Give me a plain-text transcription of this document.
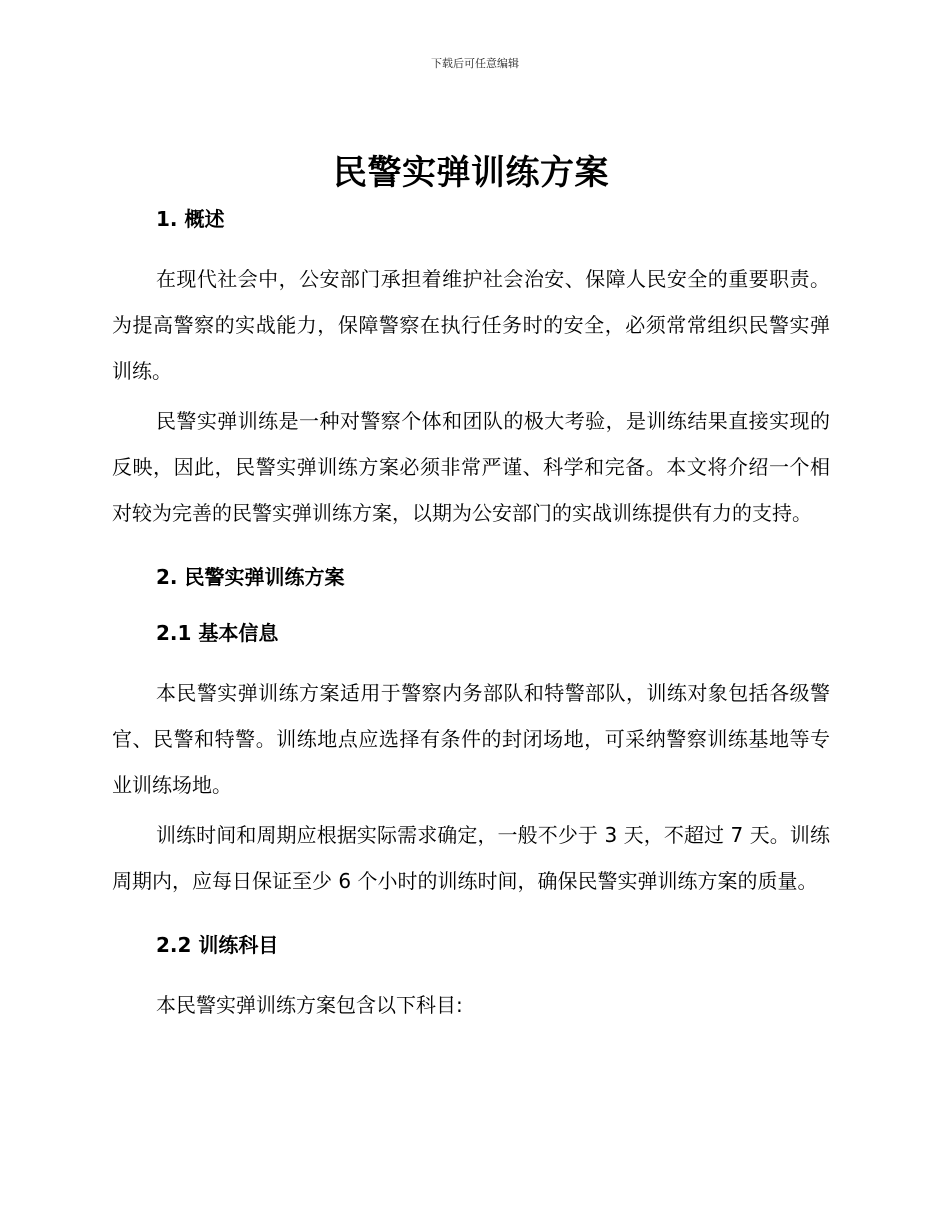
下载后可任意编辑
民警实弹训练方案
1. 概述

在现代社会中，公安部门承担着维护社会治安、保障人民安全的重要职责。为提高警察的实战能力，保障警察在执行任务时的安全，必须常常组织民警实弹训练。

民警实弹训练是一种对警察个体和团队的极大考验，是训练结果直接实现的反映，因此，民警实弹训练方案必须非常严谨、科学和完备。本文将介绍一个相对较为完善的民警实弹训练方案，以期为公安部门的实战训练提供有力的支持。

2. 民警实弹训练方案
2.1 基本信息

本民警实弹训练方案适用于警察内务部队和特警部队，训练对象包括各级警官、民警和特警。训练地点应选择有条件的封闭场地，可采纳警察训练基地等专业训练场地。

训练时间和周期应根据实际需求确定，一般不少于 3 天，不超过 7 天。训练周期内，应每日保证至少 6 个小时的训练时间，确保民警实弹训练方案的质量。

2.2 训练科目

本民警实弹训练方案包含以下科目:
